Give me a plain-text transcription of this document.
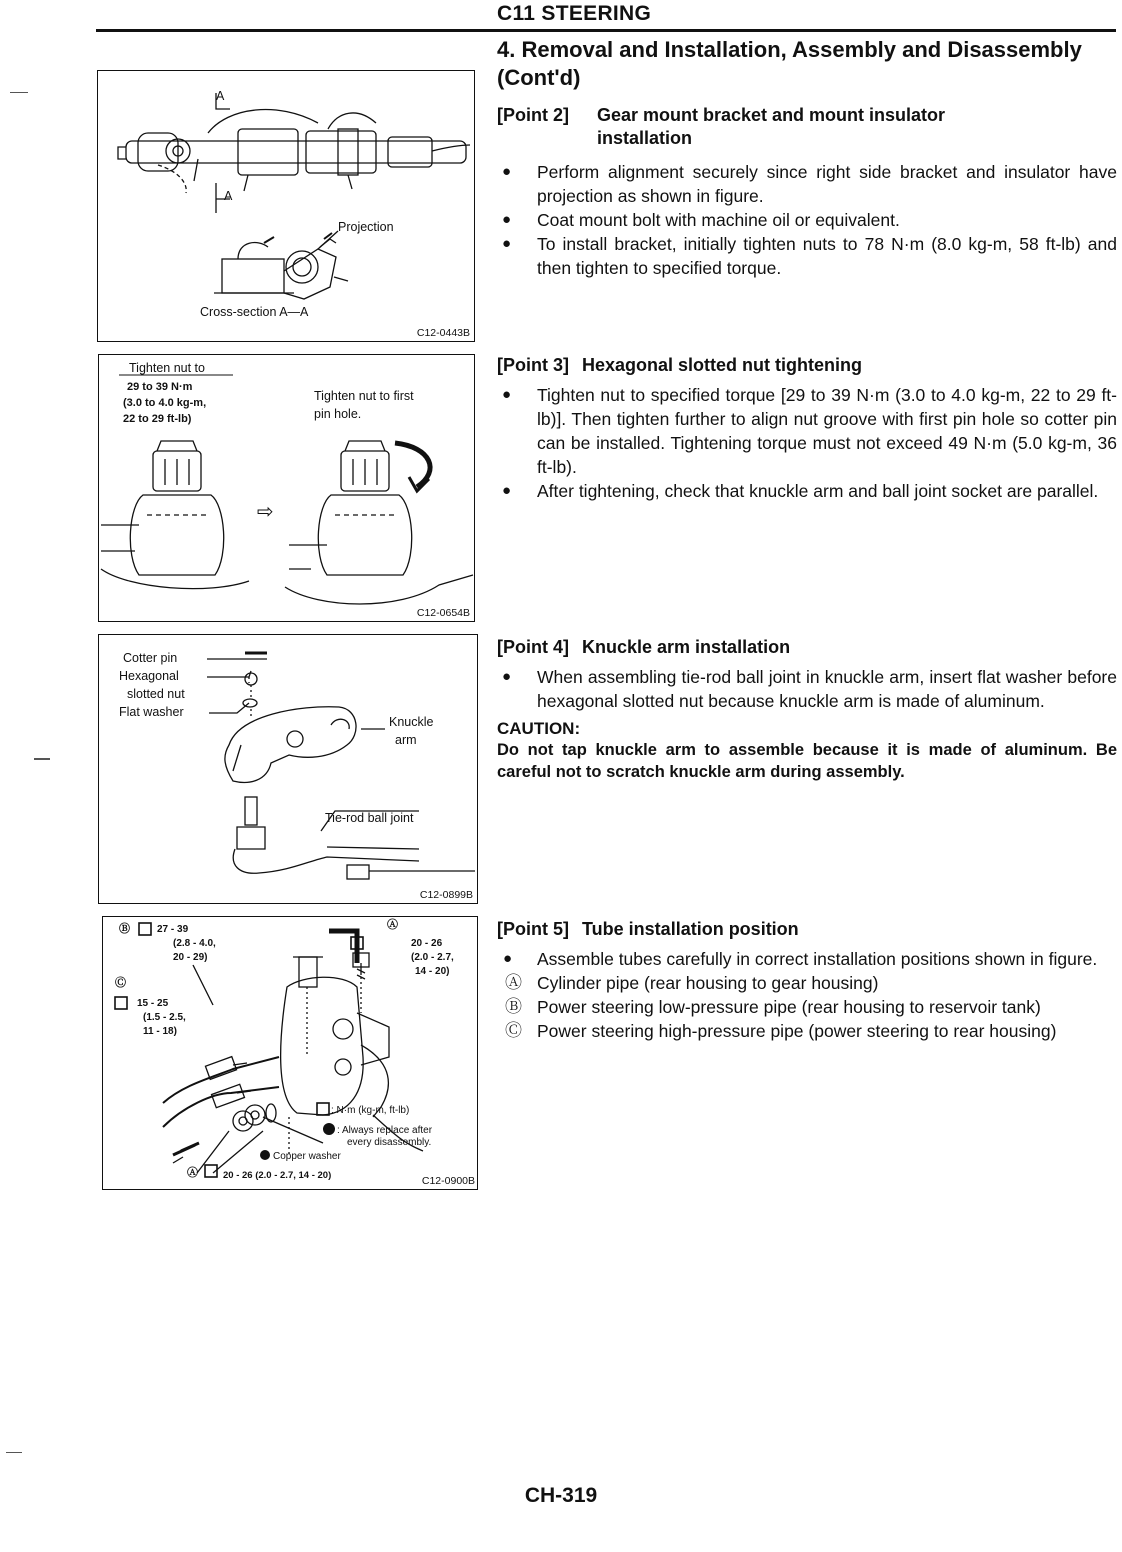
C11 STEERING
4. Removal and Installation, Assembly and Disassembly (Cont'd)
[Point 2] Gear mount bracket and mount insulator installation
● Perform alignment securely since right side bracket and insulator have projection as shown in figure.
● Coat mount bolt with machine oil or equivalent.
● To install bracket, initially tighten nuts to 78 N·m (8.0 kg-m, 58 ft-lb) and then tighten to specified torque.
[Point 3] Hexagonal slotted nut tightening
● Tighten nut to specified torque [29 to 39 N·m (3.0 to 4.0 kg-m, 22 to 29 ft-lb)]. Then tighten further to align nut groove with first pin hole so cotter pin can be installed. Tightening torque must not exceed 49 N·m (5.0 kg-m, 36 ft-lb).
● After tightening, check that knuckle arm and ball joint socket are parallel.
[Point 4] Knuckle arm installation
● When assembling tie-rod ball joint in knuckle arm, insert flat washer before hexagonal slotted nut because knuckle arm is made of aluminum.
CAUTION:
Do not tap knuckle arm to assemble because it is made of aluminum. Be careful not to scratch knuckle arm during assembly.
[Point 5] Tube installation position
● Assemble tubes carefully in correct installation positions shown in figure.
Ⓐ Cylinder pipe (rear housing to gear housing)
Ⓑ Power steering low-pressure pipe (rear housing to reservoir tank)
Ⓒ Power steering high-pressure pipe (power steering to rear housing)
A
A
Projection
Cross-section A—A
C12-0443B
Tighten nut to
29 to 39 N·m
(3.0 to 4.0 kg-m,
22 to 29 ft-lb)
Tighten nut to first
pin hole.
⇨
C12-0654B
Cotter pin
Hexagonal
slotted nut
Flat washer
Knuckle
arm
Tie-rod ball joint
C12-0899B
Ⓑ	27 - 39
(2.8 - 4.0,
20 - 29)
Ⓐ
20 - 26
(2.0 - 2.7,
14 - 20)
Ⓒ
15 - 25
(1.5 - 2.5,
11 - 18)
: N·m (kg-m, ft-lb)
: Always replace after
every disassembly.
Copper washer
Ⓐ	20 - 26 (2.0 - 2.7, 14 - 20)	C12-0900B
CH-319
